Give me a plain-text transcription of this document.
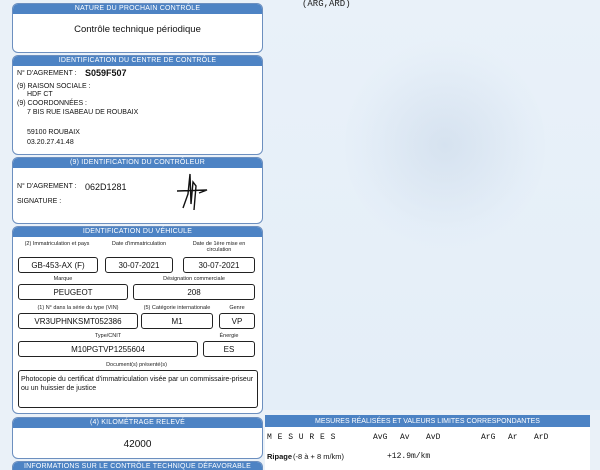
(ARG,ARD)
NATURE DU PROCHAIN CONTRÔLE
Contrôle technique périodique
IDENTIFICATION DU CENTRE DE CONTRÔLE
N° D'AGREMENT : S059F507
(9) RAISON SOCIALE :
HDF CT
(9) COORDONNÉES :
7 BIS RUE ISABEAU DE ROUBAIX
59100 ROUBAIX
03.20.27.41.48
(9) IDENTIFICATION DU CONTRÔLEUR
N° D'AGREMENT : 062D1281
SIGNATURE :
IDENTIFICATION DU VÉHICULE
(2) Immatriculation et pays	Date d'immatriculation	Date de 1ère mise en circulation
GB-453-AX (F)	30-07-2021	30-07-2021
Marque	Désignation commerciale
PEUGEOT	208
(1) N° dans la série du type (VIN)	(5) Catégorie internationale	Genre
VR3UPHNKSMT052386	M1	VP
Type/CNIT	Énergie
M10PGTVP1255604	ES
Document(s) présenté(s)
Photocopie du certificat d'immatriculation visée par un commissaire-priseur ou un huissier de justice
(4) KILOMÉTRAGE RELEVÉ
42000
INFORMATIONS SUR LE CONTRÔLE TECHNIQUE DÉFAVORABLE
MESURES RÉALISÉES ET VALEURS LIMITES CORRESPONDANTES
M E S U R E S	AvG Av AvD	ArG Ar ArD
Ripage (-8 à + 8 m/km)	+12.9m/km
